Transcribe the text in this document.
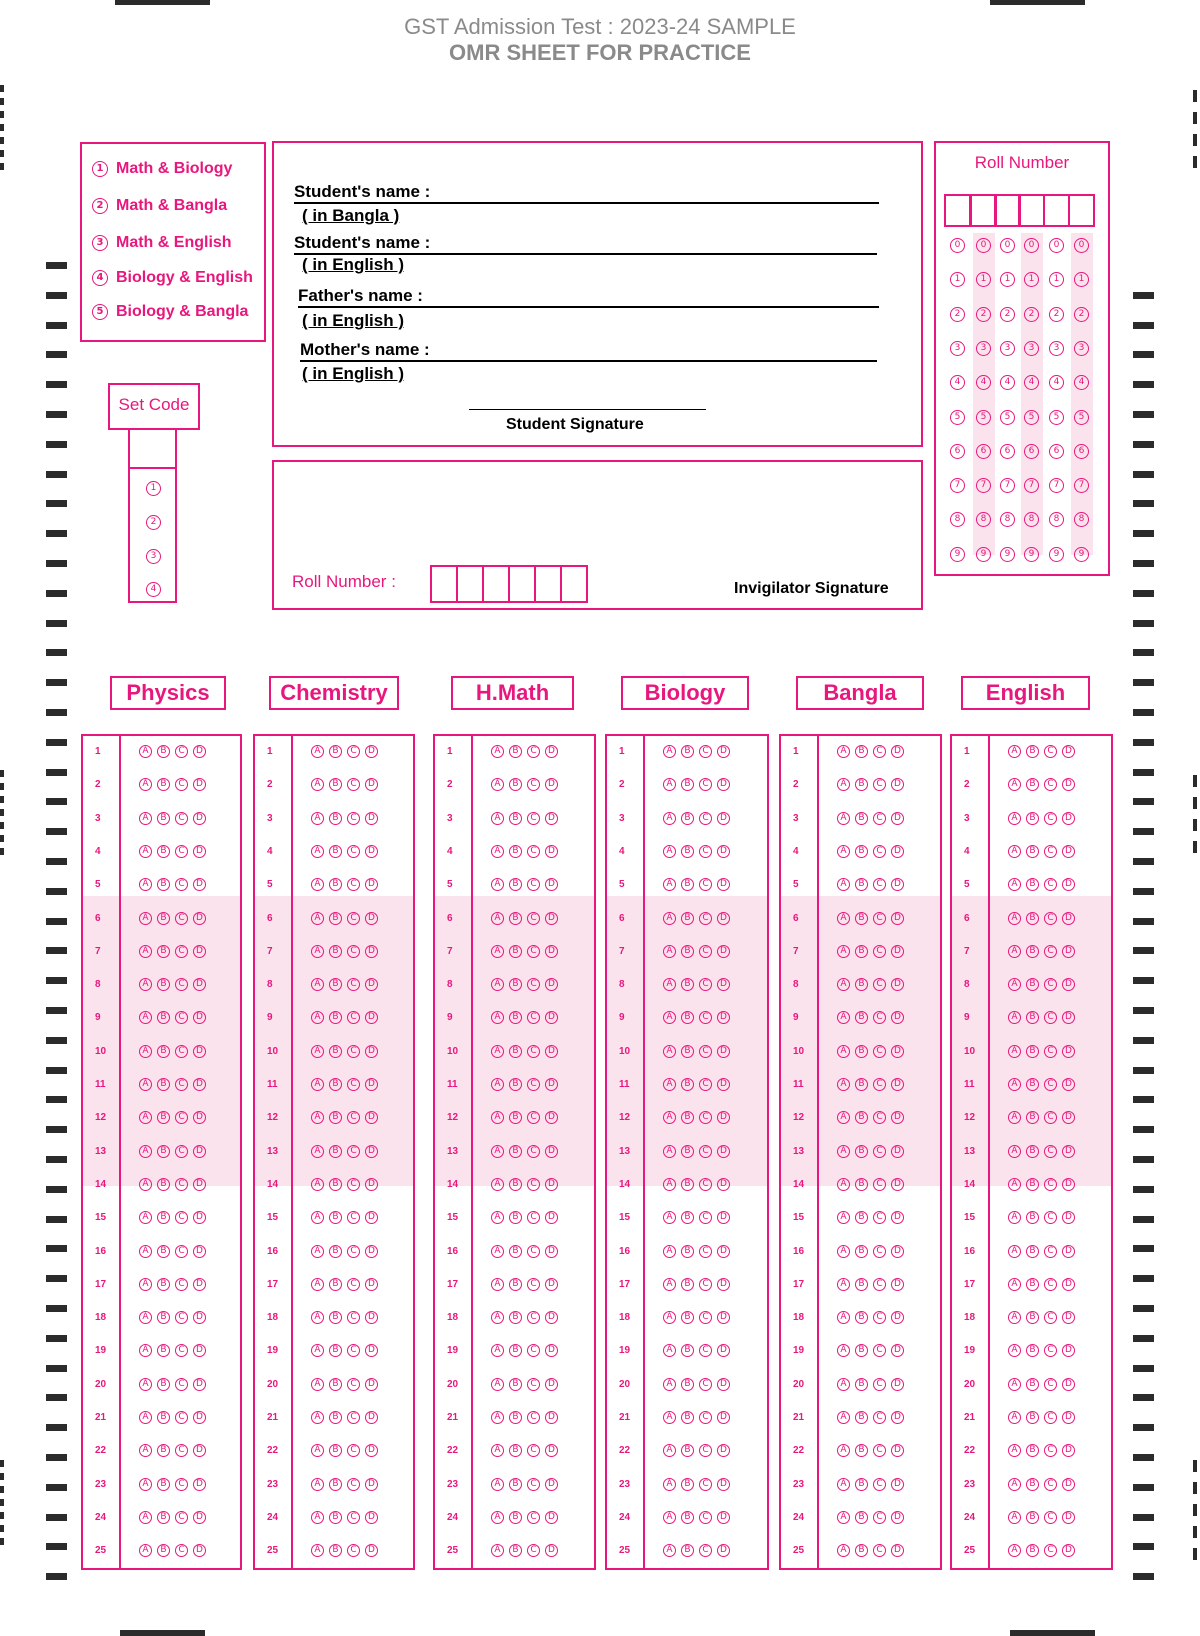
GST Admission Test : 2023-24 SAMPLE
OMR SHEET FOR PRACTICE
1 Math & Biology
2 Math & Bangla
3 Math & English
4 Biology & English
5 Biology & Bangla
Set Code
1
2
3
4
Student's name :
( in Bangla )
Student's name :
( in English )
Father's name :
( in English )
Mother's name :
( in English )
Student Signature
Roll Number :	Invigilator Signature
Roll Number
0
1
2
3
4
5
6
7
8
9
0
1
2
3
4
5
6
7
8
9
0
1
2
3
4
5
6
7
8
9
0
1
2
3
4
5
6
7
8
9
0
1
2
3
4
5
6
7
8
9
0
1
2
3
4
5
6
7
8
9
Physics
1	A	B	C	D
2	A	B	C	D
3	A	B	C	D
4	A	B	C	D
5	A	B	C	D
6	A	B	C	D
7	A	B	C	D
8	A	B	C	D
9	A	B	C	D
10	A	B	C	D
11	A	B	C	D
12	A	B	C	D
13	A	B	C	D
14	A	B	C	D
15	A	B	C	D
16	A	B	C	D
17	A	B	C	D
18	A	B	C	D
19	A	B	C	D
20	A	B	C	D
21	A	B	C	D
22	A	B	C	D
23	A	B	C	D
24	A	B	C	D
25	A	B	C	D
Chemistry
1	A	B	C	D
2	A	B	C	D
3	A	B	C	D
4	A	B	C	D
5	A	B	C	D
6	A	B	C	D
7	A	B	C	D
8	A	B	C	D
9	A	B	C	D
10	A	B	C	D
11	A	B	C	D
12	A	B	C	D
13	A	B	C	D
14	A	B	C	D
15	A	B	C	D
16	A	B	C	D
17	A	B	C	D
18	A	B	C	D
19	A	B	C	D
20	A	B	C	D
21	A	B	C	D
22	A	B	C	D
23	A	B	C	D
24	A	B	C	D
25	A	B	C	D
H.Math
1	A	B	C	D
2	A	B	C	D
3	A	B	C	D
4	A	B	C	D
5	A	B	C	D
6	A	B	C	D
7	A	B	C	D
8	A	B	C	D
9	A	B	C	D
10	A	B	C	D
11	A	B	C	D
12	A	B	C	D
13	A	B	C	D
14	A	B	C	D
15	A	B	C	D
16	A	B	C	D
17	A	B	C	D
18	A	B	C	D
19	A	B	C	D
20	A	B	C	D
21	A	B	C	D
22	A	B	C	D
23	A	B	C	D
24	A	B	C	D
25	A	B	C	D
Biology
1	A	B	C	D
2	A	B	C	D
3	A	B	C	D
4	A	B	C	D
5	A	B	C	D
6	A	B	C	D
7	A	B	C	D
8	A	B	C	D
9	A	B	C	D
10	A	B	C	D
11	A	B	C	D
12	A	B	C	D
13	A	B	C	D
14	A	B	C	D
15	A	B	C	D
16	A	B	C	D
17	A	B	C	D
18	A	B	C	D
19	A	B	C	D
20	A	B	C	D
21	A	B	C	D
22	A	B	C	D
23	A	B	C	D
24	A	B	C	D
25	A	B	C	D
Bangla
1	A	B	C	D
2	A	B	C	D
3	A	B	C	D
4	A	B	C	D
5	A	B	C	D
6	A	B	C	D
7	A	B	C	D
8	A	B	C	D
9	A	B	C	D
10	A	B	C	D
11	A	B	C	D
12	A	B	C	D
13	A	B	C	D
14	A	B	C	D
15	A	B	C	D
16	A	B	C	D
17	A	B	C	D
18	A	B	C	D
19	A	B	C	D
20	A	B	C	D
21	A	B	C	D
22	A	B	C	D
23	A	B	C	D
24	A	B	C	D
25	A	B	C	D
English
1	A	B	C	D
2	A	B	C	D
3	A	B	C	D
4	A	B	C	D
5	A	B	C	D
6	A	B	C	D
7	A	B	C	D
8	A	B	C	D
9	A	B	C	D
10	A	B	C	D
11	A	B	C	D
12	A	B	C	D
13	A	B	C	D
14	A	B	C	D
15	A	B	C	D
16	A	B	C	D
17	A	B	C	D
18	A	B	C	D
19	A	B	C	D
20	A	B	C	D
21	A	B	C	D
22	A	B	C	D
23	A	B	C	D
24	A	B	C	D
25	A	B	C	D
